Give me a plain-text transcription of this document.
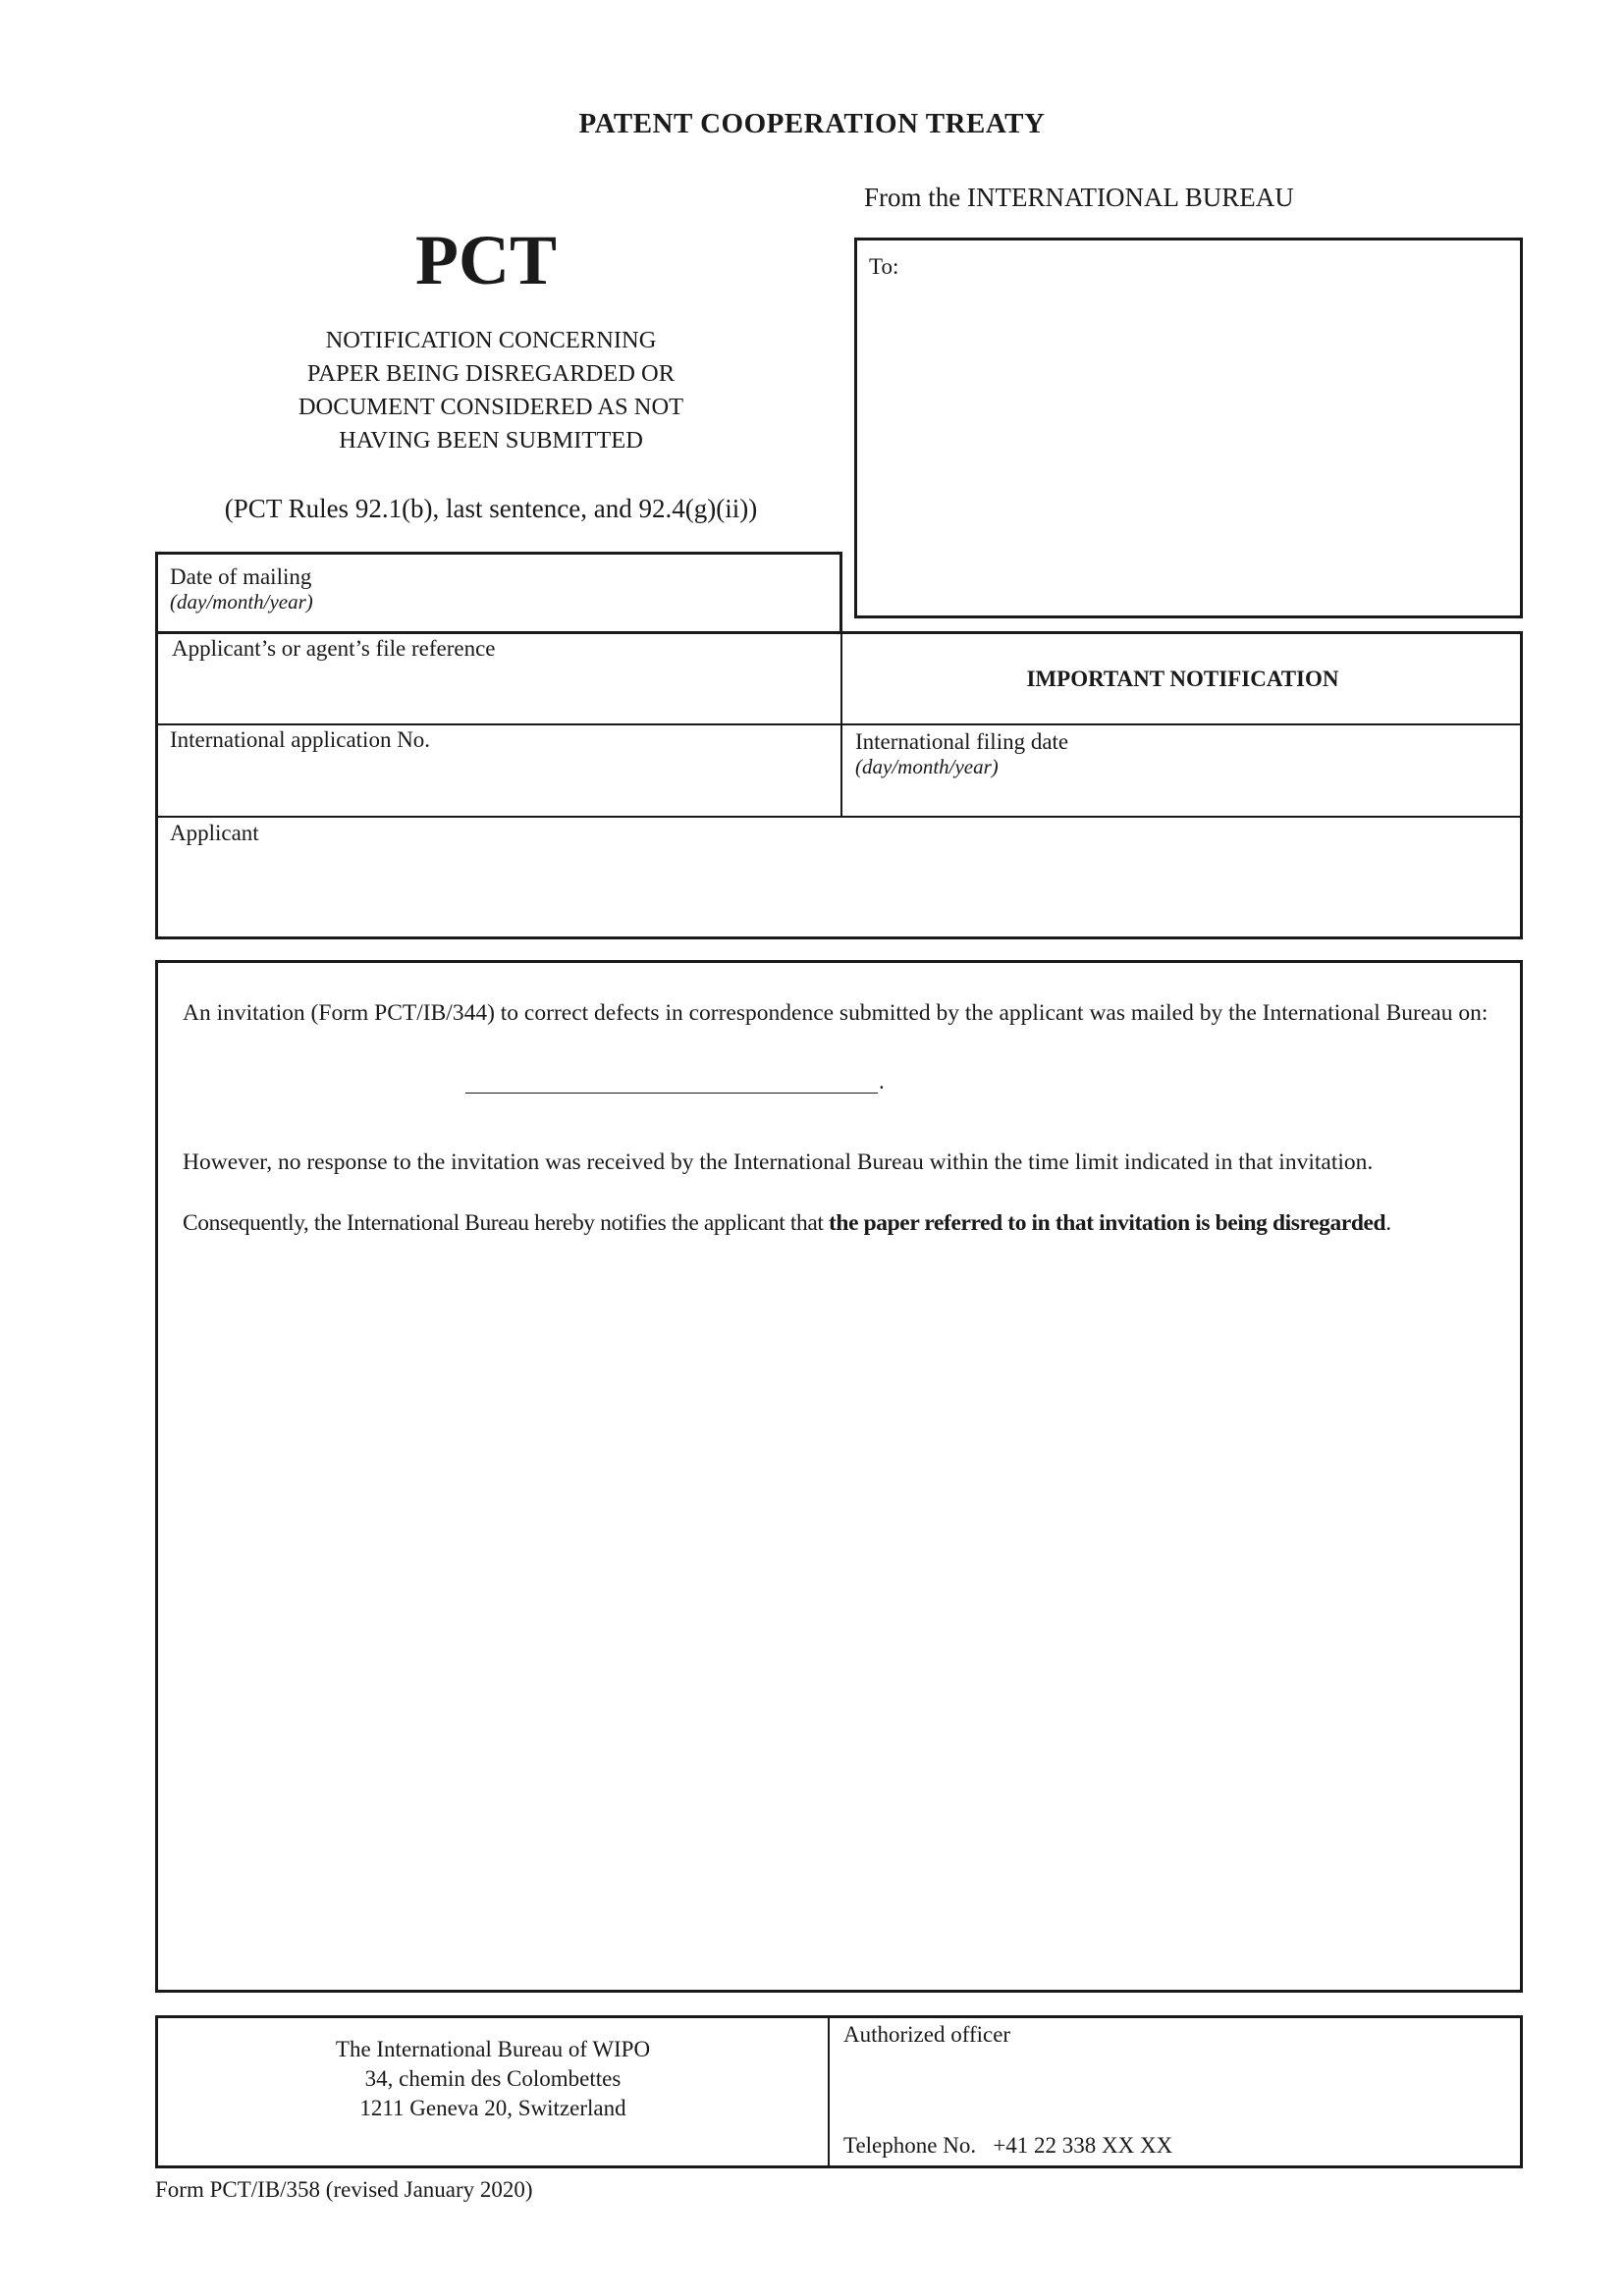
PATENT COOPERATION TREATY
From the INTERNATIONAL BUREAU
PCT
NOTIFICATION CONCERNING
PAPER BEING DISREGARDED OR
DOCUMENT CONSIDERED AS NOT
HAVING BEEN SUBMITTED
(PCT Rules 92.1(b), last sentence, and 92.4(g)(ii))
To:
Date of mailing
(day/month/year)
Applicant’s or agent’s file reference
IMPORTANT NOTIFICATION
International application No.	International filing date
(day/month/year)
Applicant
An invitation (Form PCT/IB/344) to correct defects in correspondence submitted by the applicant was mailed by the International Bureau on:
.
However, no response to the invitation was received by the International Bureau within the time limit indicated in that invitation.
Consequently, the International Bureau hereby notifies the applicant that the paper referred to in that invitation is being disregarded.
The International Bureau of WIPO
34, chemin des Colombettes
1211 Geneva 20, Switzerland
Authorized officer
Telephone No. +41 22 338 XX XX
Form PCT/IB/358 (revised January 2020)
